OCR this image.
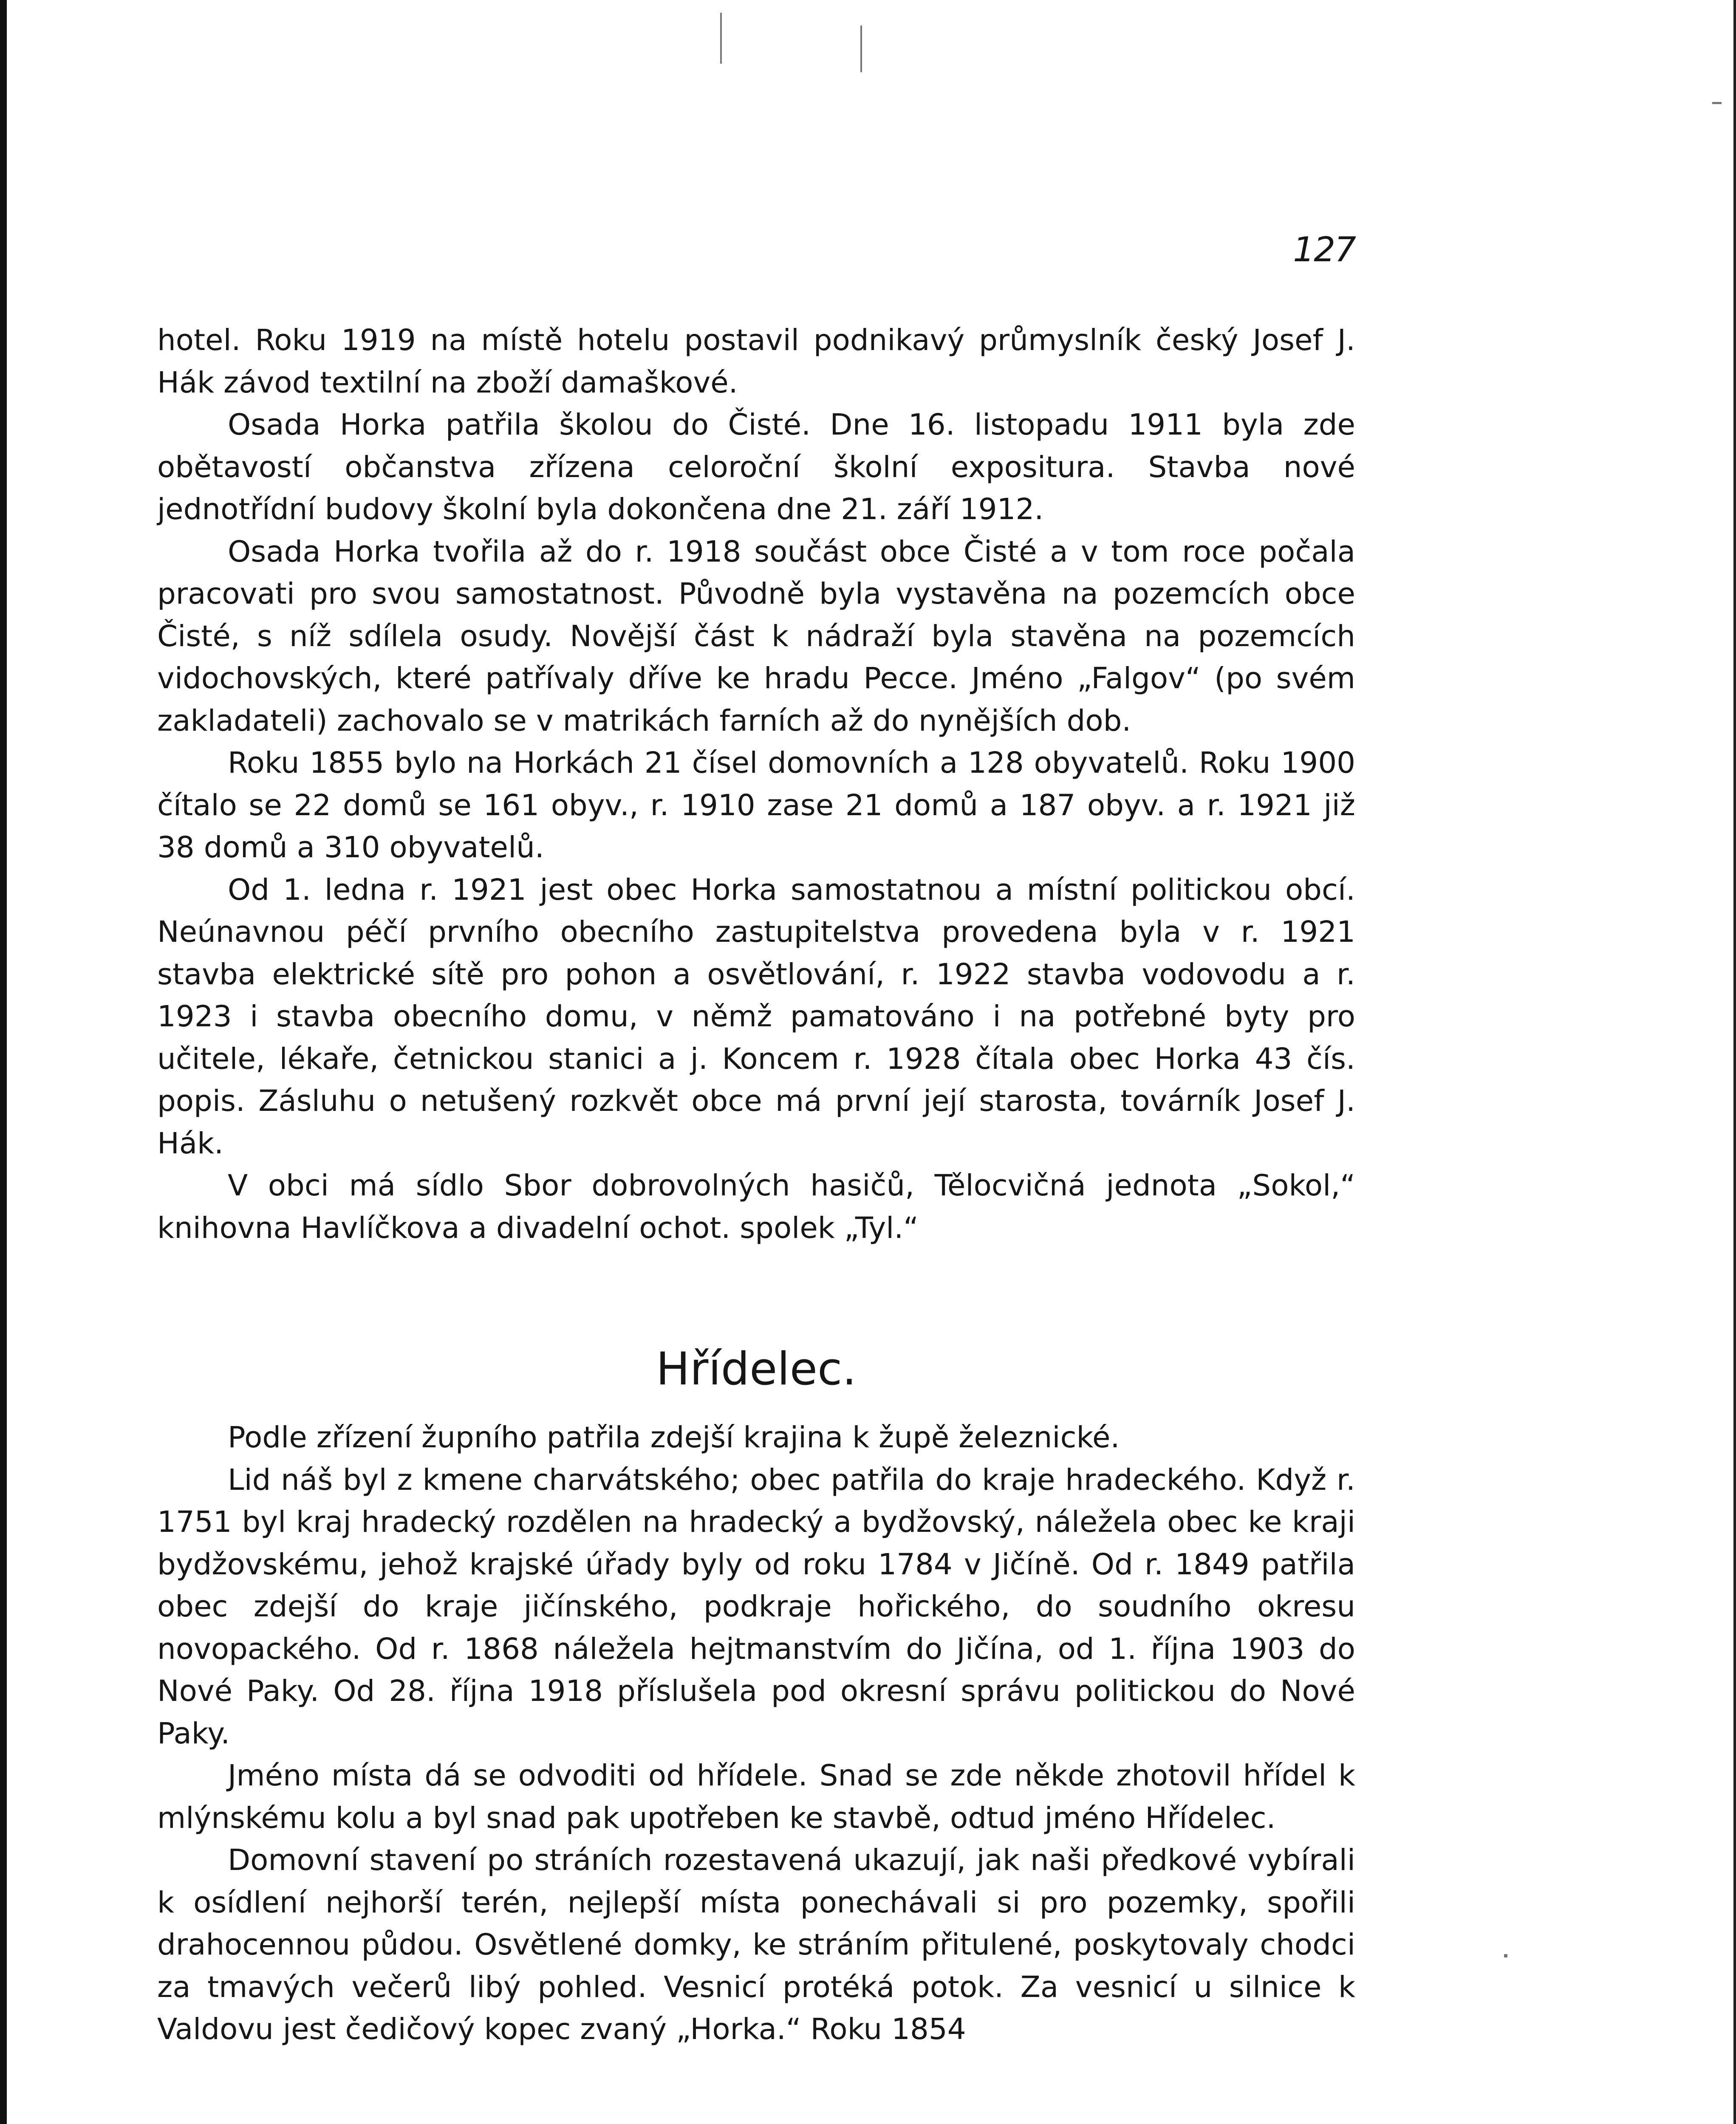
127

hotel. Roku 1919 na místě hotelu postavil podnikavý průmyslník český Josef J. Hák závod textilní na zboží damaškové.

Osada Horka patřila školou do Čisté. Dne 16. listopadu 1911 byla zde obětavostí občanstva zřízena celoroční školní expositura. Stavba nové jednotřídní budovy školní byla dokončena dne 21. září 1912.

Osada Horka tvořila až do r. 1918 součást obce Čisté a v tom roce počala pracovati pro svou samostatnost. Původně byla vystavěna na pozemcích obce Čisté, s níž sdílela osudy. Novější část k nádraží byla stavěna na pozemcích vidochovských, které patřívaly dříve ke hradu Pecce. Jméno „Falgov“ (po svém zakladateli) zachovalo se v matrikách farních až do nynějších dob.

Roku 1855 bylo na Horkách 21 čísel domovních a 128 obyvatelů. Roku 1900 čítalo se 22 domů se 161 obyv., r. 1910 zase 21 domů a 187 obyv. a r. 1921 již 38 domů a 310 obyvatelů.

Od 1. ledna r. 1921 jest obec Horka samostatnou a místní politickou obcí. Neúnavnou péčí prvního obecního zastupitelstva provedena byla v r. 1921 stavba elektrické sítě pro pohon a osvětlování, r. 1922 stavba vodovodu a r. 1923 i stavba obecního domu, v němž pamatováno i na potřebné byty pro učitele, lékaře, četnickou stanici a j. Koncem r. 1928 čítala obec Horka 43 čís. popis. Zásluhu o netušený rozkvět obce má první její starosta, továrník Josef J. Hák.

V obci má sídlo Sbor dobrovolných hasičů, Tělocvičná jednota „Sokol,“ knihovna Havlíčkova a divadelní ochot. spolek „Tyl.“

Hřídelec.

Podle zřízení župního patřila zdejší krajina k župě železnické.

Lid náš byl z kmene charvátského; obec patřila do kraje hradeckého. Když r. 1751 byl kraj hradecký rozdělen na hradecký a bydžovský, náležela obec ke kraji bydžovskému, jehož krajské úřady byly od roku 1784 v Jičíně. Od r. 1849 patřila obec zdejší do kraje jičínského, podkraje hořického, do soudního okresu novopackého. Od r. 1868 náležela hejtmanstvím do Jičína, od 1. října 1903 do Nové Paky. Od 28. října 1918 příslušela pod okresní správu politickou do Nové Paky.

Jméno místa dá se odvoditi od hřídele. Snad se zde někde zhotovil hřídel k mlýnskému kolu a byl snad pak upotřeben ke stavbě, odtud jméno Hřídelec.

Domovní stavení po stráních rozestavená ukazují, jak naši předkové vybírali k osídlení nejhorší terén, nejlepší místa ponechávali si pro pozemky, spořili drahocennou půdou. Osvětlené domky, ke stráním přitulené, poskytovaly chodci za tmavých večerů libý pohled. Vesnicí protéká potok. Za vesnicí u silnice k Valdovu jest čedičový kopec zvaný „Horka.“ Roku 1854
